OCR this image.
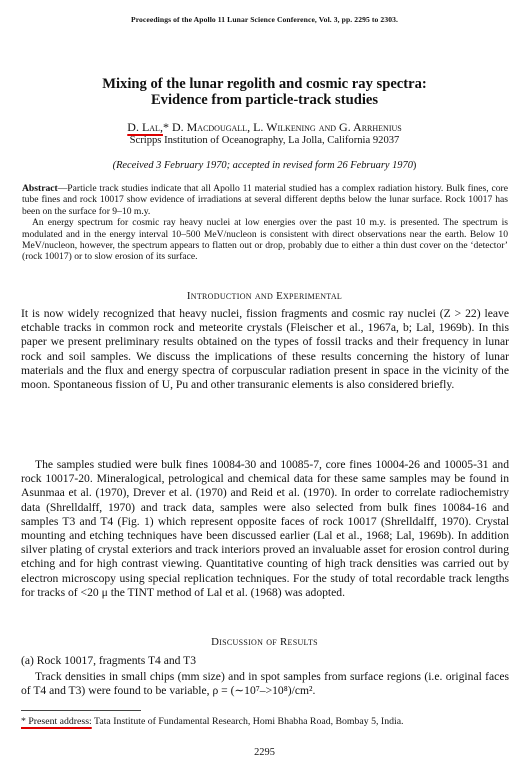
Proceedings of the Apollo 11 Lunar Science Conference, Vol. 3, pp. 2295 to 2303.
Mixing of the lunar regolith and cosmic ray spectra:
Evidence from particle-track studies
D. Lal,* D. Macdougall, L. Wilkening and G. Arrhenius
Scripps Institution of Oceanography, La Jolla, California 92037
(Received 3 February 1970; accepted in revised form 26 February 1970)

Abstract—Particle track studies indicate that all Apollo 11 material studied has a complex radiation history. Bulk fines, core tube fines and rock 10017 show evidence of irradiations at several different depths below the lunar surface. Rock 10017 has been on the surface for 9–10 m.y.

An energy spectrum for cosmic ray heavy nuclei at low energies over the past 10 m.y. is presented. The spectrum is modulated and in the energy interval 10–500 MeV/nucleon is consistent with direct observations near the earth. Below 10 MeV/nucleon, however, the spectrum appears to flatten out or drop, probably due to either a thin dust cover on the ‘detector’ (rock 10017) or to slow erosion of its surface.

Introduction and Experimental

It is now widely recognized that heavy nuclei, fission fragments and cosmic ray nuclei (Z > 22) leave etchable tracks in common rock and meteorite crystals (Fleischer et al., 1967a, b; Lal, 1969b). In this paper we present preliminary results obtained on the types of fossil tracks and their frequency in lunar rock and soil samples. We discuss the implications of these results concerning the history of lunar materials and the flux and energy spectra of corpuscular radiation present in space in the vicinity of the moon. Spontaneous fission of U, Pu and other transuranic elements is also considered briefly.

The samples studied were bulk fines 10084-30 and 10085-7, core fines 10004-26 and 10005-31 and rock 10017-20. Mineralogical, petrological and chemical data for these same samples may be found in Asunmaa et al. (1970), Drever et al. (1970) and Reid et al. (1970). In order to correlate radiochemistry data (Shrelldalff, 1970) and track data, samples were also selected from bulk fines 10084-16 and samples T3 and T4 (Fig. 1) which represent opposite faces of rock 10017 (Shrelldalff, 1970). Crystal mounting and etching techniques have been discussed earlier (Lal et al., 1968; Lal, 1969b). In addition silver plating of crystal exteriors and track interiors proved an invaluable asset for erosion control during etching and for high contrast viewing. Quantitative counting of high track densities was carried out by electron microscopy using special replication techniques. For the study of total recordable track lengths for tracks of <20 μ the TINT method of Lal et al. (1968) was adopted.

Discussion of Results
(a) Rock 10017, fragments T4 and T3

Track densities in small chips (mm size) and in spot samples from surface regions (i.e. original faces of T4 and T3) were found to be variable, ρ = (∼10⁷–>10⁸)/cm².

* Present address: Tata Institute of Fundamental Research, Homi Bhabha Road, Bombay 5, India.
2295
